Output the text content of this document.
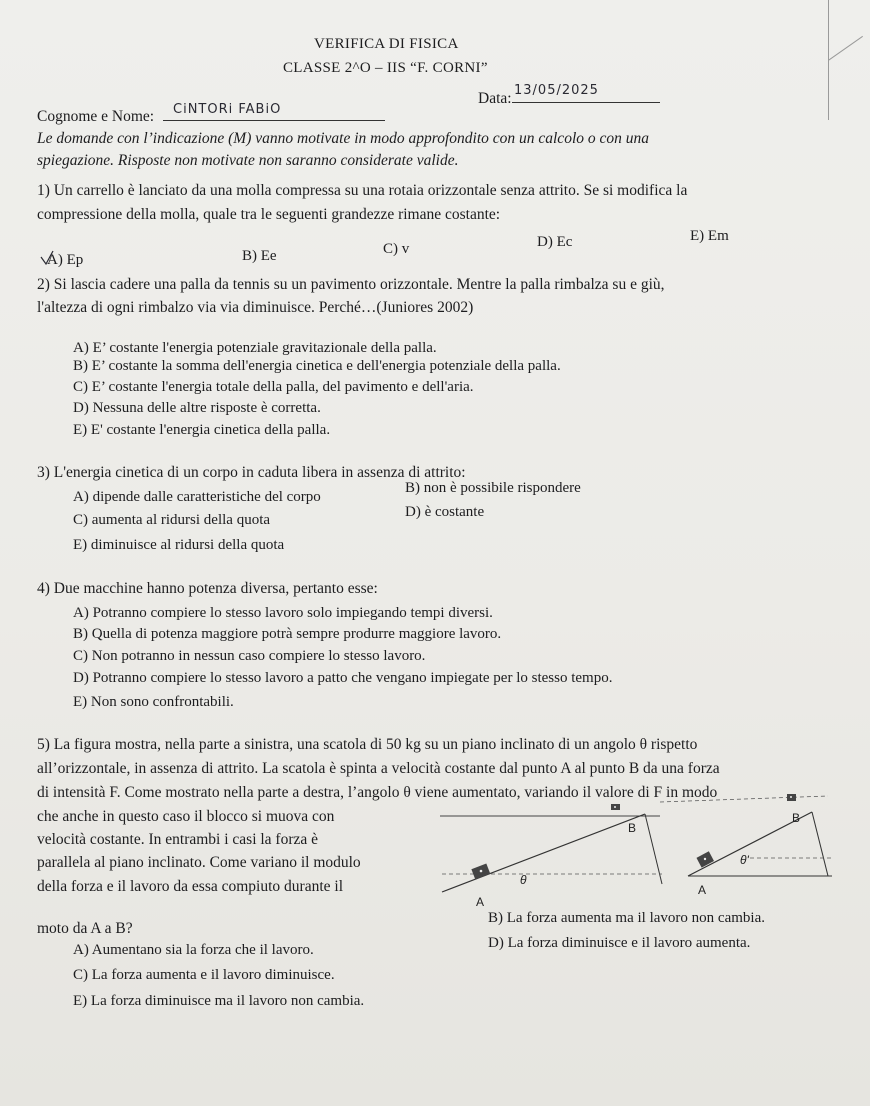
VERIFICA DI FISICA
CLASSE 2^O – IIS “F. CORNI”
Cognome e Nome: CiNTORi FABiO
Data: 13/05/2025
Le domande con l’indicazione (M) vanno motivate in modo approfondito con un calcolo o con una
spiegazione. Risposte non motivate non saranno considerate valide.
1) Un carrello è lanciato da una molla compressa su una rotaia orizzontale senza attrito. Se si modifica la
compressione della molla, quale tra le seguenti grandezze rimane costante:
A) Ep	B) Ee	C) v	D) Ec	E) Em
2) Si lascia cadere una palla da tennis su un pavimento orizzontale. Mentre la palla rimbalza su e giù,
l'altezza di ogni rimbalzo via via diminuisce. Perché…(Juniores 2002)
A) E’ costante l'energia potenziale gravitazionale della palla.
B) E’ costante la somma dell'energia cinetica e dell'energia potenziale della palla.
C) E’ costante l'energia totale della palla, del pavimento e dell'aria.
D) Nessuna delle altre risposte è corretta.
E) E' costante l'energia cinetica della palla.
3) L'energia cinetica di un corpo in caduta libera in assenza di attrito:
A) dipende dalle caratteristiche del corpo
B) non è possibile rispondere
C) aumenta al ridursi della quota	D) è costante
E) diminuisce al ridursi della quota
4) Due macchine hanno potenza diversa, pertanto esse:
A) Potranno compiere lo stesso lavoro solo impiegando tempi diversi.
B) Quella di potenza maggiore potrà sempre produrre maggiore lavoro.
C) Non potranno in nessun caso compiere lo stesso lavoro.
D) Potranno compiere lo stesso lavoro a patto che vengano impiegate per lo stesso tempo.
E) Non sono confrontabili.
5) La figura mostra, nella parte a sinistra, una scatola di 50 kg su un piano inclinato di un angolo θ rispetto
all’orizzontale, in assenza di attrito. La scatola è spinta a velocità costante dal punto A al punto B da una forza
di intensità F. Come mostrato nella parte a destra, l’angolo θ viene aumentato, variando il valore di F in modo
che anche in questo caso il blocco si muova con
velocità costante. In entrambi i casi la forza è
parallela al piano inclinato. Come variano il modulo
della forza e il lavoro da essa compiuto durante il
moto da A a B?
B
A
θ
B
A
θ'
A) Aumentano sia la forza che il lavoro.
B) La forza aumenta ma il lavoro non cambia.
C) La forza aumenta e il lavoro diminuisce.
D) La forza diminuisce e il lavoro aumenta.
E) La forza diminuisce ma il lavoro non cambia.
